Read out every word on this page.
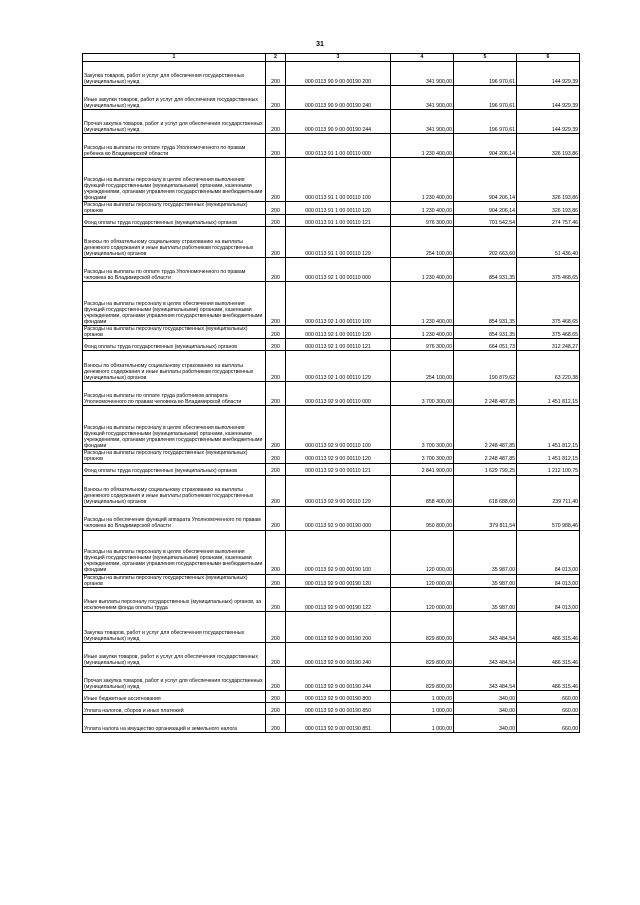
31
1	2	3	4	5	6
Закупка товаров, работ и услуг для обеспечения государственных (муниципальных) нужд	200	000 0113 90 9 00 00190 200	341 900,00	196 970,61	144 929,39
Иные закупки товаров, работ и услуг для обеспечения государственных (муниципальных) нужд	200	000 0113 90 9 00 00190 240	341 900,00	196 970,61	144 929,39
Прочая закупка товаров, работ и услуг для обеспечения государственных (муниципальных) нужд	200	000 0113 90 9 00 00190 244	341 900,00	196 970,61	144 929,39
Расходы на выплаты по оплате труда Уполномоченного по правам ребенка во Владимирской области	200	000 0113 91 1 00 00110 000	1 230 400,00	904 206,14	326 193,86
Расходы на выплаты персоналу в целях обеспечения выполнения функций государственными (муниципальными) органами, казенными учреждениями, органами управления государственными внебюджетными фондами	200	000 0113 91 1 00 00110 100	1 230 400,00	904 206,14	326 193,86
Расходы на выплаты персоналу государственных (муниципальных) органов	200	000 0113 91 1 00 00110 120	1 230 400,00	904 206,14	326 193,86
Фонд оплаты труда государственных (муниципальных) органов	200	000 0113 91 1 00 00110 121	976 300,00	701 542,54	274 757,46
Взносы по обязательному социальному страхованию на выплаты денежного содержания и иные выплаты работникам государственных (муниципальных) органов	200	000 0113 91 1 00 00110 129	254 100,00	202 663,60	51 436,40
Расходы на выплаты по оплате труда Уполномоченного по правам человека во Владимирской области	200	000 0113 92 1 00 00110 000	1 230 400,00	854 931,35	375 468,65
Расходы на выплаты персоналу в целях обеспечения выполнения функций государственными (муниципальными) органами, казенными учреждениями, органами управления государственными внебюджетными фондами	200	000 0113 92 1 00 00110 100	1 230 400,00	854 931,35	375 468,65
Расходы на выплаты персоналу государственных (муниципальных) органов	200	000 0113 92 1 00 00110 120	1 230 400,00	854 931,35	375 468,65
Фонд оплаты труда государственных (муниципальных) органов	200	000 0113 92 1 00 00110 121	976 300,00	664 051,73	312 248,27
Взносы по обязательному социальному страхованию на выплаты денежного содержания и иные выплаты работникам государственных (муниципальных) органов	200	000 0113 92 1 00 00110 129	254 100,00	190 879,62	63 220,38
Расходы на выплаты по оплате труда работников аппарата Уполномоченного по правам человека во Владимирской области	200	000 0113 92 9 00 00110 000	3 700 300,00	2 248 487,85	1 451 812,15
Расходы на выплаты персоналу в целях обеспечения выполнения функций государственными (муниципальными) органами, казенными учреждениями, органами управления государственными внебюджетными фондами	200	000 0113 92 9 00 00110 100	3 700 300,00	2 248 487,85	1 451 812,15
Расходы на выплаты персоналу государственных (муниципальных) органов	200	000 0113 92 9 00 00110 120	3 700 300,00	2 248 487,85	1 451 812,15
Фонд оплаты труда государственных (муниципальных) органов	200	000 0113 92 9 00 00110 121	2 841 900,00	1 629 799,25	1 212 100,75
Взносы по обязательному социальному страхованию на выплаты денежного содержания и иные выплаты работникам государственных (муниципальных) органов	200	000 0113 92 9 00 00110 129	858 400,00	618 688,60	239 711,40
Расходы на обеспечение функций аппарата Уполномоченного по правам человека во Владимирской области	200	000 0113 92 9 00 00190 000	950 800,00	379 811,54	570 988,46
Расходы на выплаты персоналу в целях обеспечения выполнения функций государственными (муниципальными) органами, казенными учреждениями, органами управления государственными внебюджетными фондами	200	000 0113 92 9 00 00190 100	120 000,00	35 987,00	84 013,00
Расходы на выплаты персоналу государственных (муниципальных) органов	200	000 0113 92 9 00 00190 120	120 000,00	35 987,00	84 013,00
Иные выплаты персоналу государственных (муниципальных) органов, за исключением фонда оплаты труда	200	000 0113 92 9 00 00190 122	120 000,00	35 987,00	84 013,00
Закупка товаров, работ и услуг для обеспечения государственных (муниципальных) нужд	200	000 0113 92 9 00 00190 200	829 800,00	343 484,54	486 315,46
Иные закупки товаров, работ и услуг для обеспечения государственных (муниципальных) нужд	200	000 0113 92 9 00 00190 240	829 800,00	343 484,54	486 315,46
Прочая закупка товаров, работ и услуг для обеспечения государственных (муниципальных) нужд	200	000 0113 92 9 00 00190 244	829 800,00	343 484,54	486 315,46
Иные бюджетные ассигнования	200	000 0113 92 9 00 00190 800	1 000,00	340,00	660,00
Уплата налогов, сборов и иных платежей	200	000 0113 92 9 00 00190 850	1 000,00	340,00	660,00
Уплата налога на имущество организаций и земельного налога	200	000 0113 92 9 00 00190 851	1 000,00	340,00	660,00
